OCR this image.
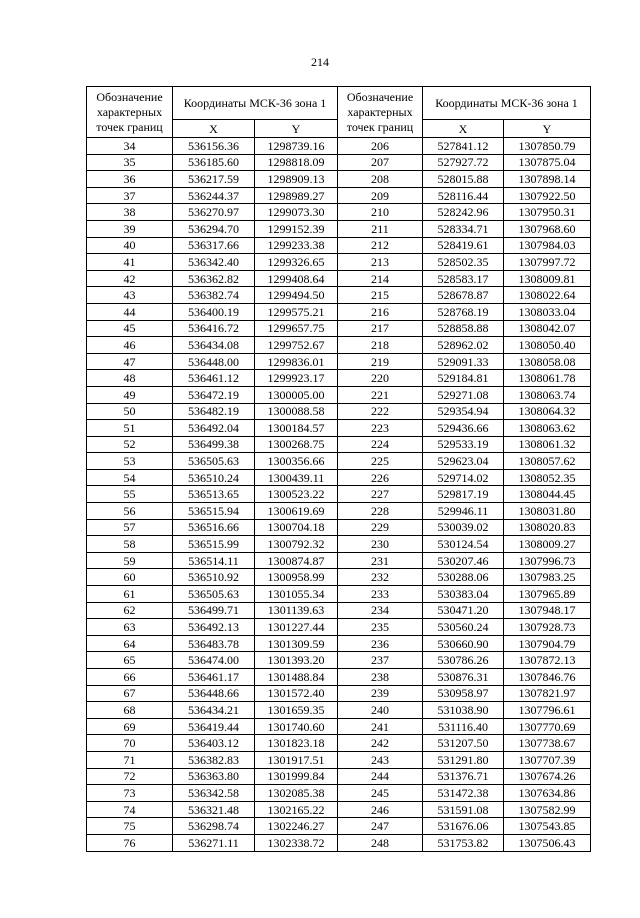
214
Обозначение характерных точек границ	Координаты МСК-36 зона 1		Обозначение характерных точек границ	Координаты МСК-36 зона 1	
	X	Y		X	Y
34	536156.36	1298739.16	206	527841.12	1307850.79
35	536185.60	1298818.09	207	527927.72	1307875.04
36	536217.59	1298909.13	208	528015.88	1307898.14
37	536244.37	1298989.27	209	528116.44	1307922.50
38	536270.97	1299073.30	210	528242.96	1307950.31
39	536294.70	1299152.39	211	528334.71	1307968.60
40	536317.66	1299233.38	212	528419.61	1307984.03
41	536342.40	1299326.65	213	528502.35	1307997.72
42	536362.82	1299408.64	214	528583.17	1308009.81
43	536382.74	1299494.50	215	528678.87	1308022.64
44	536400.19	1299575.21	216	528768.19	1308033.04
45	536416.72	1299657.75	217	528858.88	1308042.07
46	536434.08	1299752.67	218	528962.02	1308050.40
47	536448.00	1299836.01	219	529091.33	1308058.08
48	536461.12	1299923.17	220	529184.81	1308061.78
49	536472.19	1300005.00	221	529271.08	1308063.74
50	536482.19	1300088.58	222	529354.94	1308064.32
51	536492.04	1300184.57	223	529436.66	1308063.62
52	536499.38	1300268.75	224	529533.19	1308061.32
53	536505.63	1300356.66	225	529623.04	1308057.62
54	536510.24	1300439.11	226	529714.02	1308052.35
55	536513.65	1300523.22	227	529817.19	1308044.45
56	536515.94	1300619.69	228	529946.11	1308031.80
57	536516.66	1300704.18	229	530039.02	1308020.83
58	536515.99	1300792.32	230	530124.54	1308009.27
59	536514.11	1300874.87	231	530207.46	1307996.73
60	536510.92	1300958.99	232	530288.06	1307983.25
61	536505.63	1301055.34	233	530383.04	1307965.89
62	536499.71	1301139.63	234	530471.20	1307948.17
63	536492.13	1301227.44	235	530560.24	1307928.73
64	536483.78	1301309.59	236	530660.90	1307904.79
65	536474.00	1301393.20	237	530786.26	1307872.13
66	536461.17	1301488.84	238	530876.31	1307846.76
67	536448.66	1301572.40	239	530958.97	1307821.97
68	536434.21	1301659.35	240	531038.90	1307796.61
69	536419.44	1301740.60	241	531116.40	1307770.69
70	536403.12	1301823.18	242	531207.50	1307738.67
71	536382.83	1301917.51	243	531291.80	1307707.39
72	536363.80	1301999.84	244	531376.71	1307674.26
73	536342.58	1302085.38	245	531472.38	1307634.86
74	536321.48	1302165.22	246	531591.08	1307582.99
75	536298.74	1302246.27	247	531676.06	1307543.85
76	536271.11	1302338.72	248	531753.82	1307506.43
